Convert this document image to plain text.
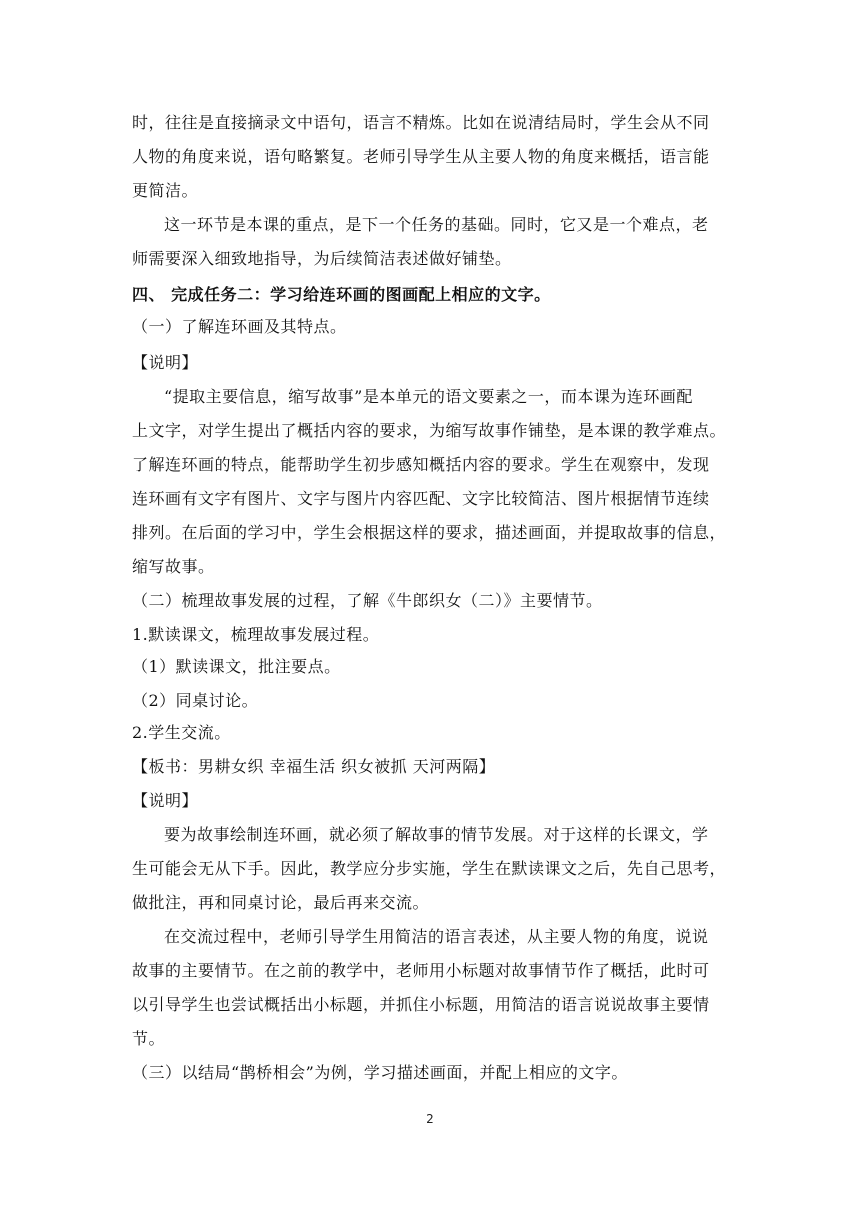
时，往往是直接摘录文中语句，语言不精炼。比如在说清结局时，学生会从不同

人物的角度来说，语句略繁复。老师引导学生从主要人物的角度来概括，语言能

更简洁。

这一环节是本课的重点，是下一个任务的基础。同时，它又是一个难点，老

师需要深入细致地指导，为后续简洁表述做好铺垫。

四、 完成任务二：学习给连环画的图画配上相应的文字。

（一）了解连环画及其特点。

【说明】

“提取主要信息，缩写故事”是本单元的语文要素之一，而本课为连环画配

上文字，对学生提出了概括内容的要求，为缩写故事作铺垫，是本课的教学难点。

了解连环画的特点，能帮助学生初步感知概括内容的要求。学生在观察中，发现

连环画有文字有图片、文字与图片内容匹配、文字比较简洁、图片根据情节连续

排列。在后面的学习中，学生会根据这样的要求，描述画面，并提取故事的信息，

缩写故事。

（二）梳理故事发展的过程，了解《牛郎织女（二）》主要情节。

1.默读课文，梳理故事发展过程。

（1）默读课文，批注要点。

（2）同桌讨论。

2.学生交流。

【板书：男耕女织 幸福生活 织女被抓 天河两隔】

【说明】

要为故事绘制连环画，就必须了解故事的情节发展。对于这样的长课文，学

生可能会无从下手。因此，教学应分步实施，学生在默读课文之后，先自己思考，

做批注，再和同桌讨论，最后再来交流。

在交流过程中，老师引导学生用简洁的语言表述，从主要人物的角度，说说

故事的主要情节。在之前的教学中，老师用小标题对故事情节作了概括，此时可

以引导学生也尝试概括出小标题，并抓住小标题，用简洁的语言说说故事主要情

节。

（三）以结局“鹊桥相会”为例，学习描述画面，并配上相应的文字。

2
